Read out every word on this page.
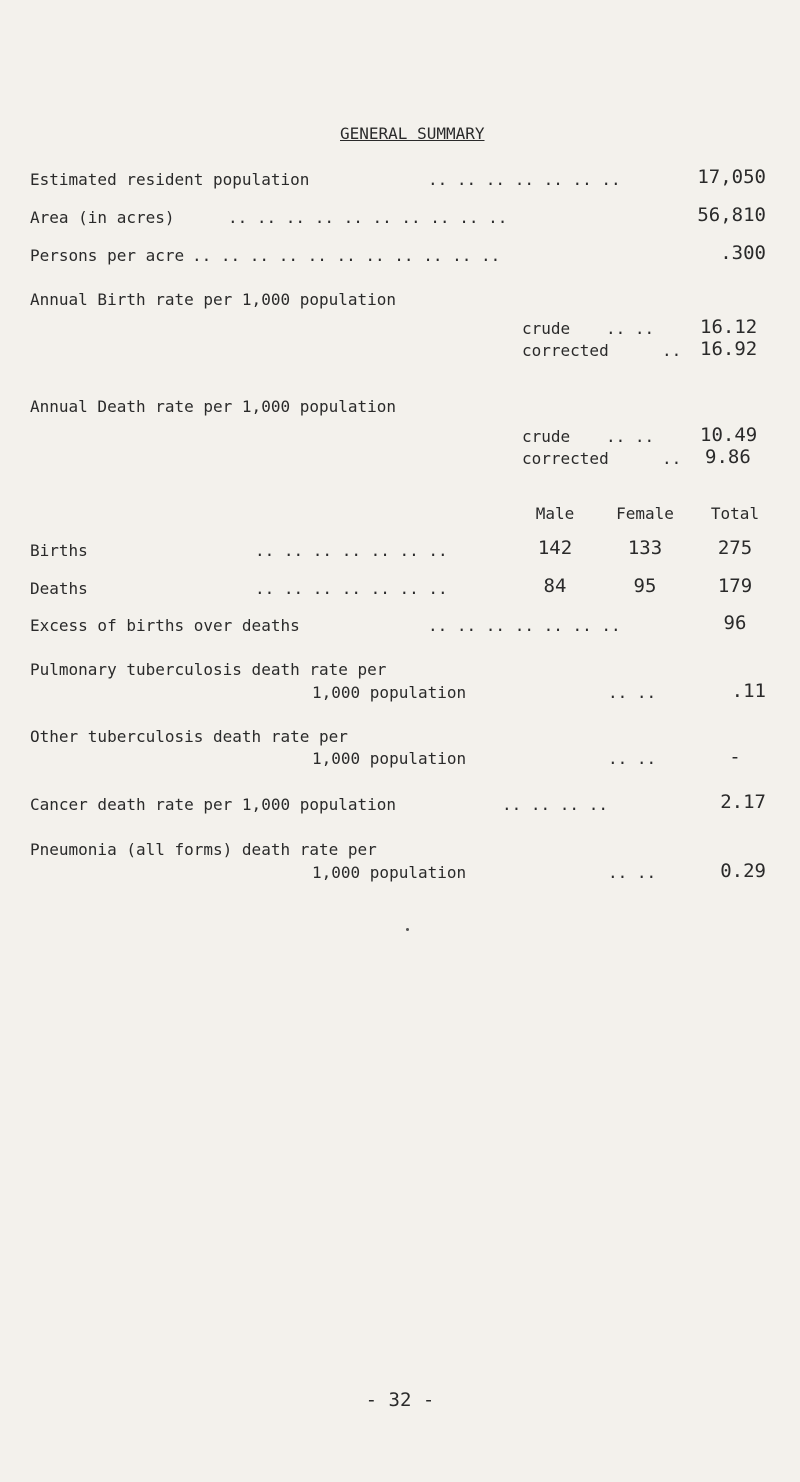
GENERAL SUMMARY
Estimated resident population	.. .. .. .. .. .. ..	17,050
Area (in acres)	.. .. .. .. .. .. .. .. .. ..	56,810
Persons per acre .. .. .. .. .. .. .. .. .. .. ..	.300
Annual Birth rate per 1,000 population
crude .. .. 16.12
corrected	.. 16.92
Annual Death rate per 1,000 population
crude .. .. 10.49
corrected	.. 9.86
Male	Female	Total
Births	.. .. .. .. .. .. ..	142	133	275
Deaths	.. .. .. .. .. .. ..	84	95	179
Excess of births over deaths	.. .. .. .. .. .. ..	96
Pulmonary tuberculosis death rate per
1,000 population	.. ..	.11
Other tuberculosis death rate per
1,000 population	.. ..	-
Cancer death rate per 1,000 population	.. .. .. ..	2.17
Pneumonia (all forms) death rate per
1,000 population	.. ..	0.29
- 32 -
